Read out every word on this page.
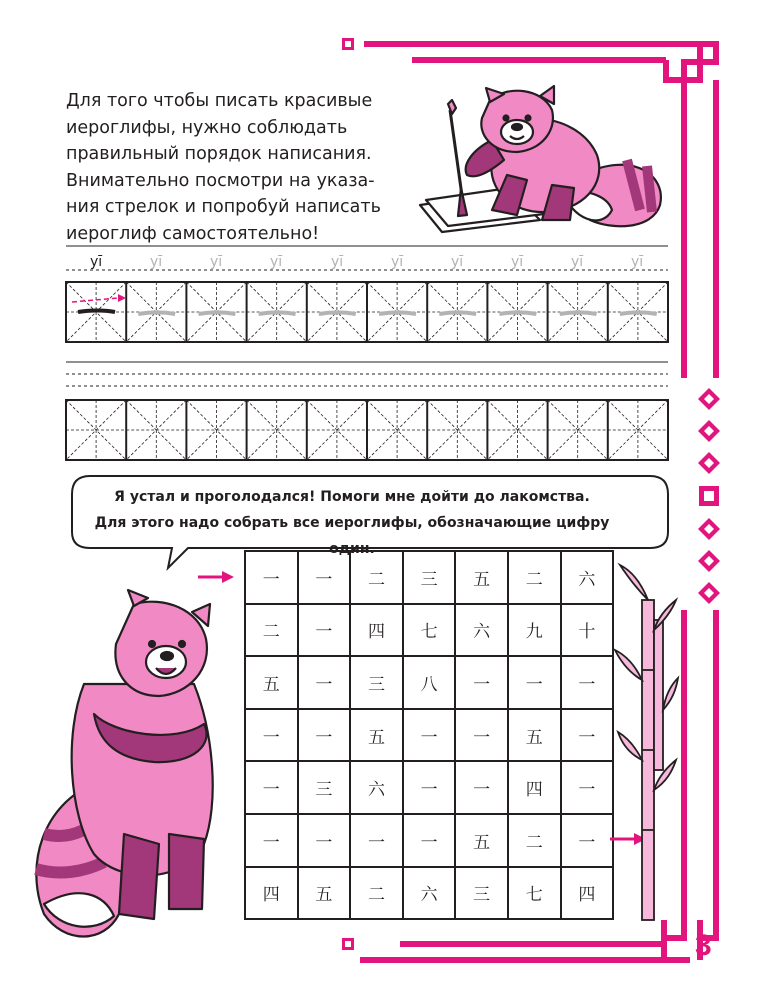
Для того чтобы писать красивые
иероглифы, нужно соблюдать
правильный порядок написания.
Внимательно посмотри на указа-
ния стрелок и попробуй написать
иероглиф самостоятельно!
yī	yī	yī	yī	yī	yī	yī	yī	yī	yī
Я устал и проголодался! Помоги мне дойти до лакомства.
Для этого надо собрать все иероглифы, обозначающие цифру один.
一	一	二	三	五	二	六
二	一	四	七	六	九	十
五	一	三	八	一	一	一
一	一	五	一	一	五	一
一	三	六	一	一	四	一
一	一	一	一	五	二	一
四	五	二	六	三	七	四
3
